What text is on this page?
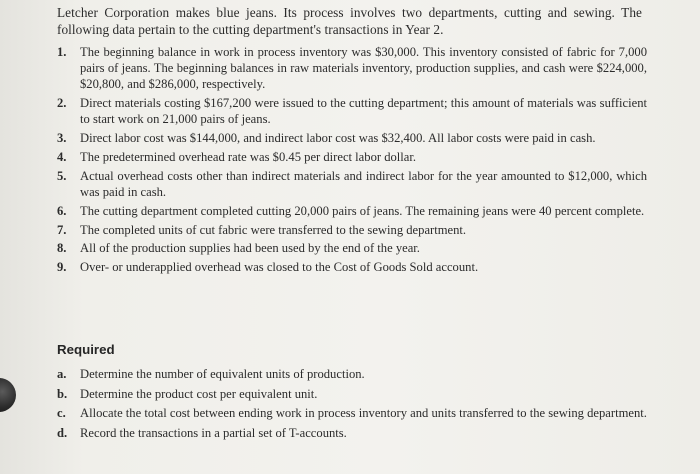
Letcher Corporation makes blue jeans. Its process involves two departments, cutting and sewing. The following data pertain to the cutting department's transactions in Year 2.
1.	The beginning balance in work in process inventory was $30,000. This inventory consisted of fabric for 7,000 pairs of jeans. The beginning balances in raw materials inventory, production supplies, and cash were $224,000, $20,800, and $286,000, respectively.
2.	Direct materials costing $167,200 were issued to the cutting department; this amount of materials was sufficient to start work on 21,000 pairs of jeans.
3.	Direct labor cost was $144,000, and indirect labor cost was $32,400. All labor costs were paid in cash.
4.	The predetermined overhead rate was $0.45 per direct labor dollar.
5.	Actual overhead costs other than indirect materials and indirect labor for the year amounted to $12,000, which was paid in cash.
6.	The cutting department completed cutting 20,000 pairs of jeans. The remaining jeans were 40 percent complete.
7.	The completed units of cut fabric were transferred to the sewing department.
8.	All of the production supplies had been used by the end of the year.
9.	Over- or underapplied overhead was closed to the Cost of Goods Sold account.
Required
a.	Determine the number of equivalent units of production.
b.	Determine the product cost per equivalent unit.
c.	Allocate the total cost between ending work in process inventory and units transferred to the sewing department.
d.	Record the transactions in a partial set of T-accounts.
